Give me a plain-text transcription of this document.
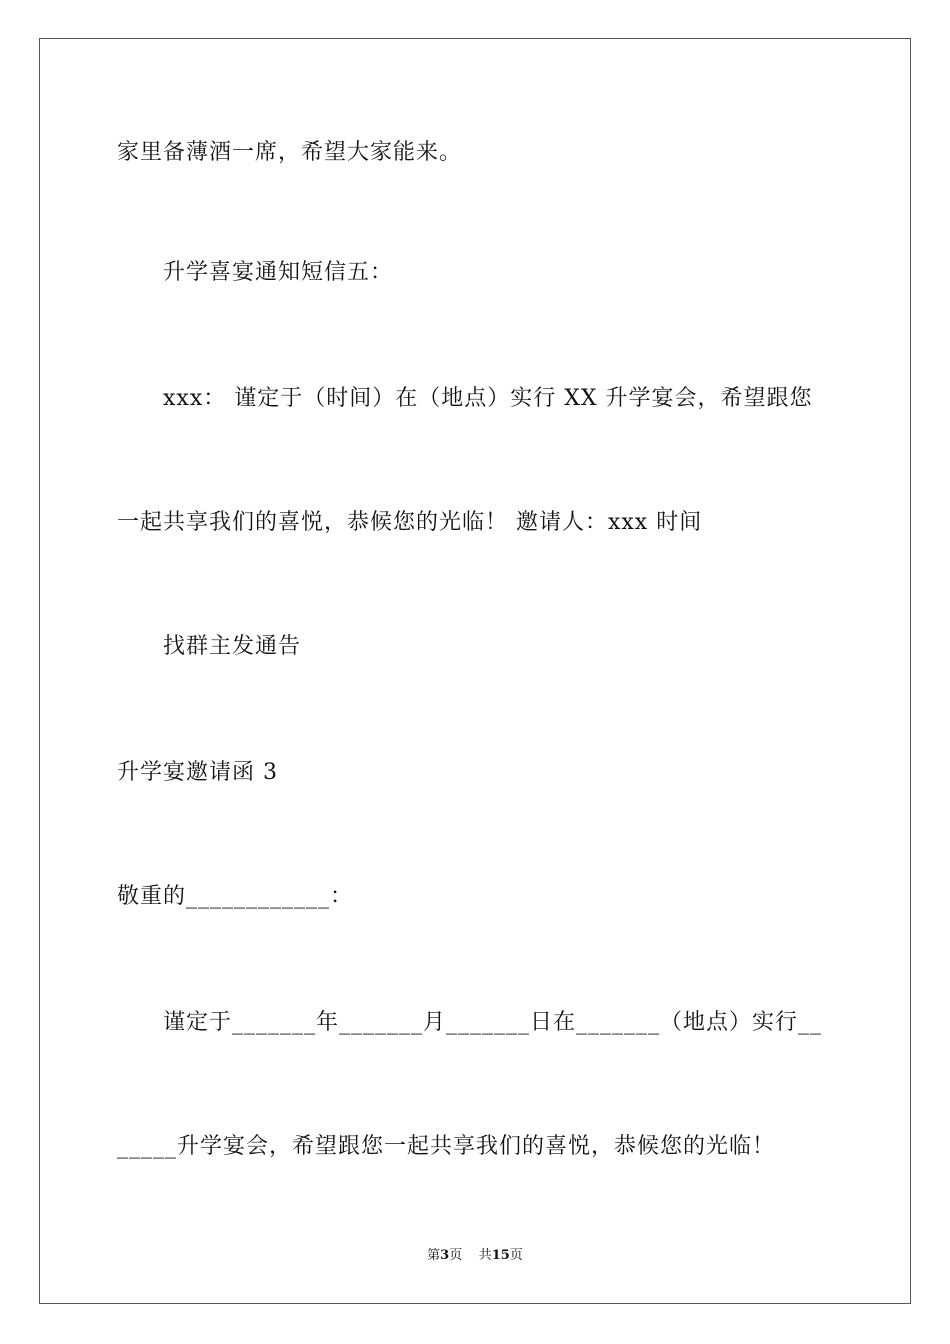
家里备薄酒一席，希望大家能来。
升学喜宴通知短信五：
xxx： 谨定于（时间）在（地点）实行 XX 升学宴会，希望跟您
一起共享我们的喜悦，恭候您的光临！ 邀请人：xxx 时间
找群主发通告
升学宴邀请函 3
敬重的____________：
谨定于_______年_______月_______日在_______（地点）实行__
_____升学宴会，希望跟您一起共享我们的喜悦，恭候您的光临！
第3页 共15页
